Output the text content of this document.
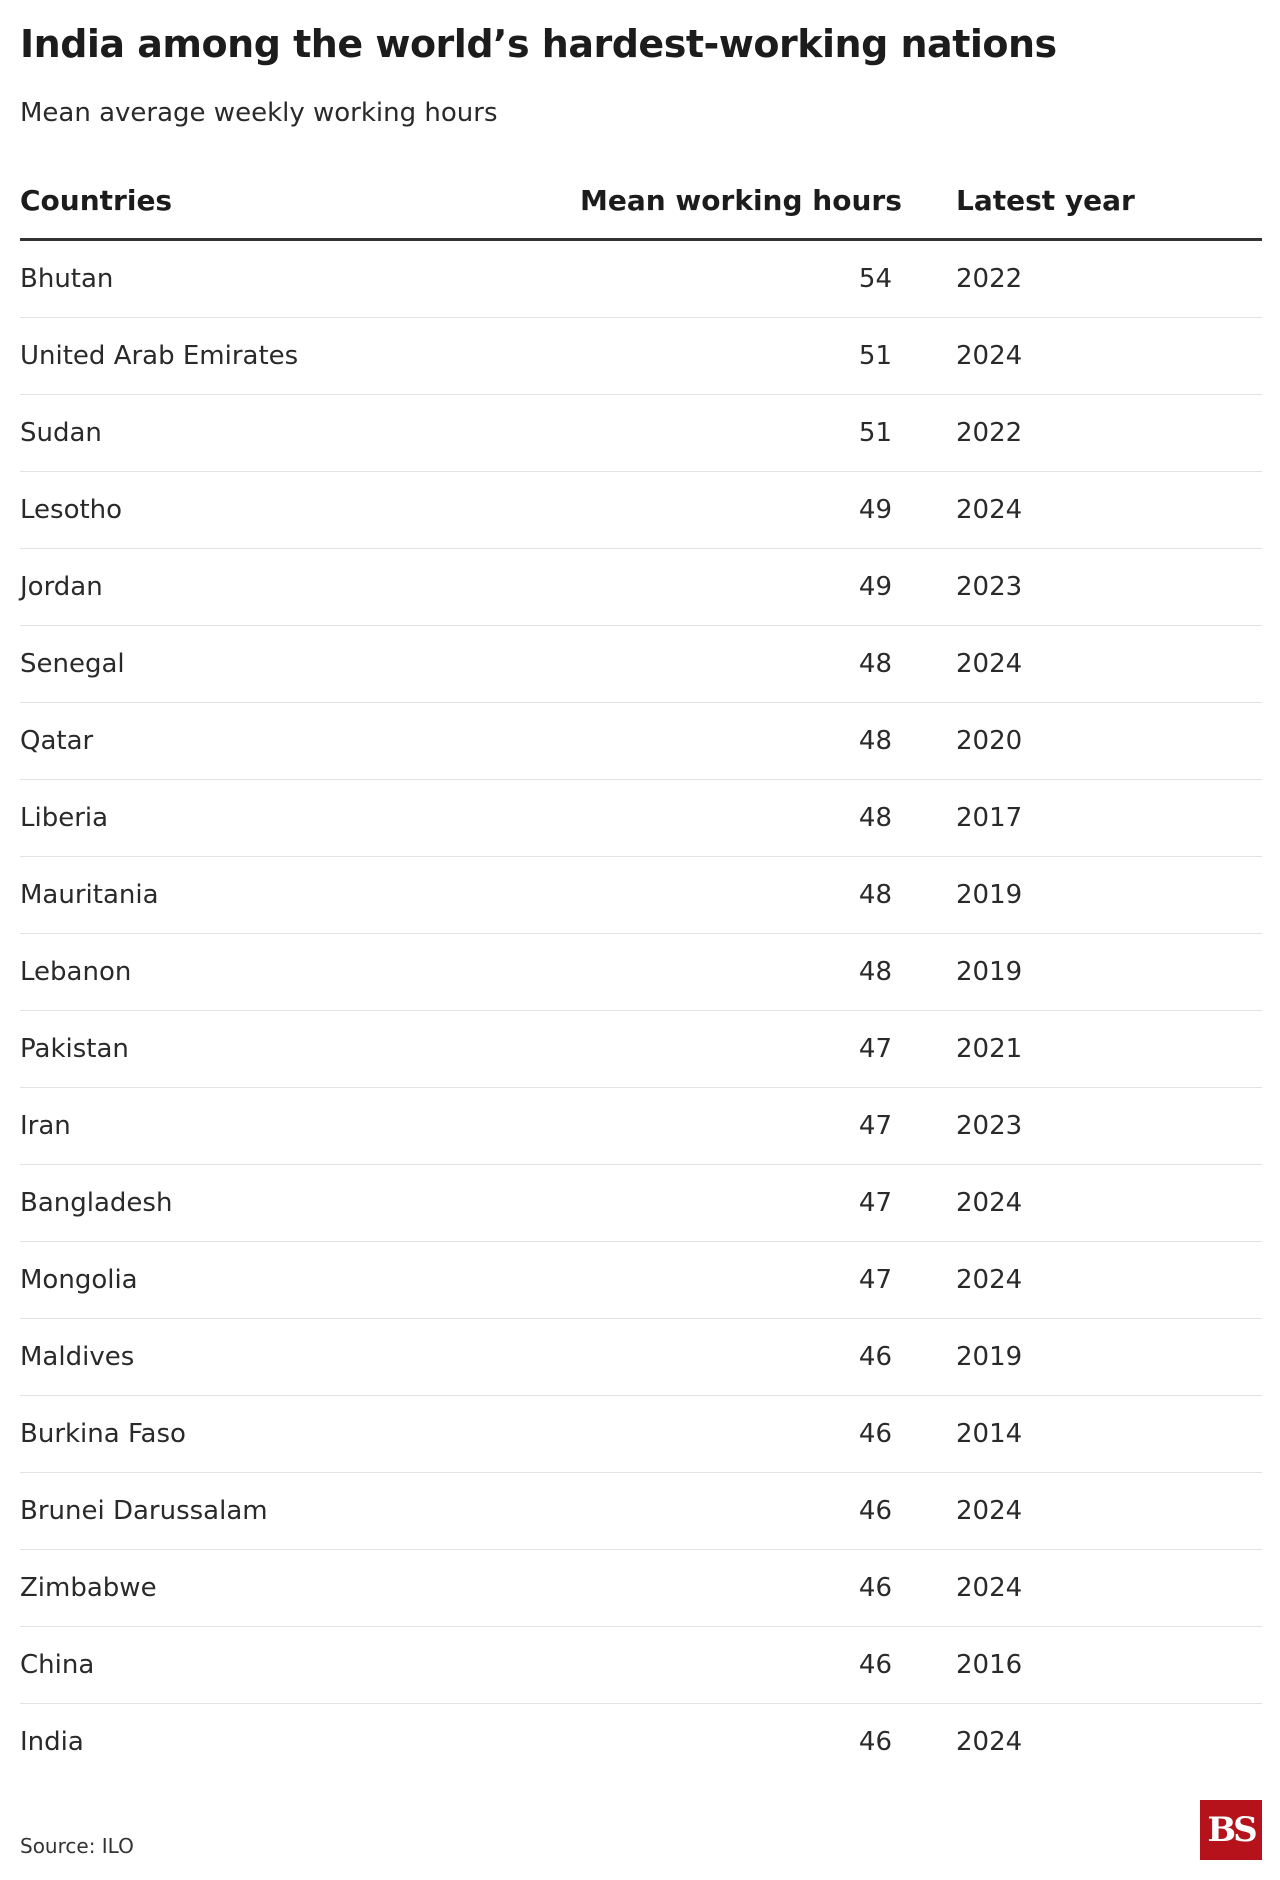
India among the world’s hardest-working nations
Mean average weekly working hours
Countries	Mean working hours		Latest year
Bhutan	54		2022
United Arab Emirates	51		2024
Sudan	51		2022
Lesotho	49		2024
Jordan	49		2023
Senegal	48		2024
Qatar	48		2020
Liberia	48		2017
Mauritania	48		2019
Lebanon	48		2019
Pakistan	47		2021
Iran	47		2023
Bangladesh	47		2024
Mongolia	47		2024
Maldives	46		2019
Burkina Faso	46		2014
Brunei Darussalam	46		2024
Zimbabwe	46		2024
China	46		2016
India	46		2024
Source: ILO	BS
